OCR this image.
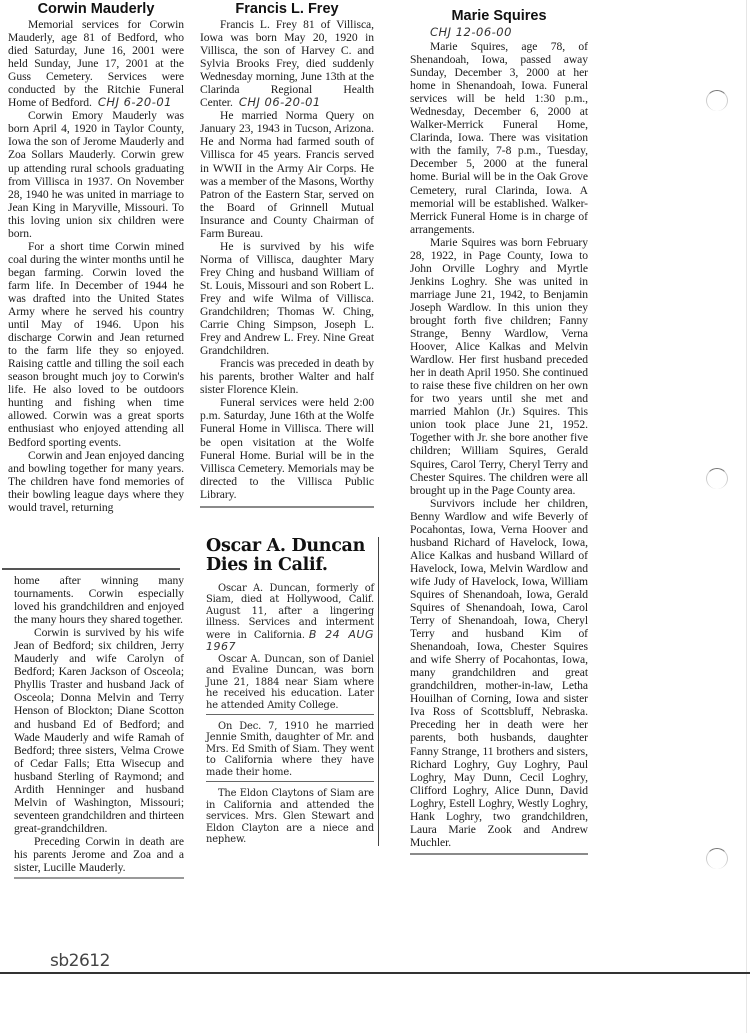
Corwin Mauderly

Memorial services for Corwin Mauderly, age 81 of Bedford, who died Saturday, June 16, 2001 were held Sunday, June 17, 2001 at the Guss Cemetery. Services were conducted by the Ritchie Funeral Home of Bedford. CHJ 6-20-01

Corwin Emory Mauderly was born April 4, 1920 in Taylor County, Iowa the son of Jerome Mauderly and Zoa Sollars Mauderly. Corwin grew up attending rural schools graduating from Villisca in 1937. On November 28, 1940 he was united in marriage to Jean King in Maryville, Missouri. To this loving union six children were born.

For a short time Corwin mined coal during the winter months until he began farming. Corwin loved the farm life. In December of 1944 he was drafted into the United States Army where he served his country until May of 1946. Upon his discharge Corwin and Jean returned to the farm life they so enjoyed. Raising cattle and tilling the soil each season brought much joy to Corwin's life. He also loved to be outdoors hunting and fishing when time allowed. Corwin was a great sports enthusiast who enjoyed attending all Bedford sporting events.

Corwin and Jean enjoyed dancing and bowling together for many years. The children have fond memories of their bowling league days where they would travel, returning

home after winning many tournaments. Corwin especially loved his grandchildren and enjoyed the many hours they shared together.

Corwin is survived by his wife Jean of Bedford; six children, Jerry Mauderly and wife Carolyn of Bedford; Karen Jackson of Osceola; Phyllis Traster and husband Jack of Osceola; Donna Melvin and Terry Henson of Blockton; Diane Scotton and husband Ed of Bedford; and Wade Mauderly and wife Ramah of Bedford; three sisters, Velma Crowe of Cedar Falls; Etta Wisecup and husband Sterling of Raymond; and Ardith Henninger and husband Melvin of Washington, Missouri; seventeen grandchildren and thirteen great-grandchildren.

Preceding Corwin in death are his parents Jerome and Zoa and a sister, Lucille Mauderly.

Francis L. Frey

Francis L. Frey 81 of Villisca, Iowa was born May 20, 1920 in Villisca, the son of Harvey C. and Sylvia Brooks Frey, died suddenly Wednesday morning, June 13th at the Clarinda Regional Health Center. CHJ 06-20-01

He married Norma Query on January 23, 1943 in Tucson, Arizona. He and Norma had farmed south of Villisca for 45 years. Francis served in WWII in the Army Air Corps. He was a member of the Masons, Worthy Patron of the Eastern Star, served on the Board of Grinnell Mutual Insurance and County Chairman of Farm Bureau.

He is survived by his wife Norma of Villisca, daughter Mary Frey Ching and husband William of St. Louis, Missouri and son Robert L. Frey and wife Wilma of Villisca. Grandchildren; Thomas W. Ching, Carrie Ching Simpson, Joseph L. Frey and Andrew L. Frey. Nine Great Grandchildren.

Francis was preceded in death by his parents, brother Walter and half sister Florence Klein.

Funeral services were held 2:00 p.m. Saturday, June 16th at the Wolfe Funeral Home in Villisca. There will be open visitation at the Wolfe Funeral Home. Burial will be in the Villisca Cemetery. Memorials may be directed to the Villisca Public Library.

Oscar A. Duncan
Dies in Calif.

Oscar A. Duncan, formerly of Siam, died at Hollywood, Calif. August 11, after a lingering illness. Services and interment were in California. B 24 AUG 1967

Oscar A. Duncan, son of Daniel and Evaline Duncan, was born June 21, 1884 near Siam where he received his education. Later he attended Amity College.

On Dec. 7, 1910 he married Jennie Smith, daughter of Mr. and Mrs. Ed Smith of Siam. They went to California where they have made their home.

The Eldon Claytons of Siam are in California and attended the services. Mrs. Glen Stewart and Eldon Clayton are a niece and nephew.

Marie Squires
CHJ 12-06-00

Marie Squires, age 78, of Shenandoah, Iowa, passed away Sunday, December 3, 2000 at her home in Shenandoah, Iowa. Funeral services will be held 1:30 p.m., Wednesday, December 6, 2000 at Walker-Merrick Funeral Home, Clarinda, Iowa. There was visitation with the family, 7-8 p.m., Tuesday, December 5, 2000 at the funeral home. Burial will be in the Oak Grove Cemetery, rural Clarinda, Iowa. A memorial will be established. Walker-Merrick Funeral Home is in charge of arrangements.

Marie Squires was born February 28, 1922, in Page County, Iowa to John Orville Loghry and Myrtle Jenkins Loghry. She was united in marriage June 21, 1942, to Benjamin Joseph Wardlow. In this union they brought forth five children; Fanny Strange, Benny Wardlow, Verna Hoover, Alice Kalkas and Melvin Wardlow. Her first husband preceded her in death April 1950. She continued to raise these five children on her own for two years until she met and married Mahlon (Jr.) Squires. This union took place June 21, 1952. Together with Jr. she bore another five children; William Squires, Gerald Squires, Carol Terry, Cheryl Terry and Chester Squires. The children were all brought up in the Page County area.

Survivors include her children, Benny Wardlow and wife Beverly of Pocahontas, Iowa, Verna Hoover and husband Richard of Havelock, Iowa, Alice Kalkas and husband Willard of Havelock, Iowa, Melvin Wardlow and wife Judy of Havelock, Iowa, William Squires of Shenandoah, Iowa, Gerald Squires of Shenandoah, Iowa, Carol Terry of Shenandoah, Iowa, Cheryl Terry and husband Kim of Shenandoah, Iowa, Chester Squires and wife Sherry of Pocahontas, Iowa, many grandchildren and great grandchildren, mother-in-law, Letha Houilhan of Corning, Iowa and sister Iva Ross of Scottsbluff, Nebraska. Preceding her in death were her parents, both husbands, daughter Fanny Strange, 11 brothers and sisters, Richard Loghry, Guy Loghry, Paul Loghry, May Dunn, Cecil Loghry, Clifford Loghry, Alice Dunn, David Loghry, Estell Loghry, Westly Loghry, Hank Loghry, two grandchildren, Laura Marie Zook and Andrew Muchler.

sb2612
